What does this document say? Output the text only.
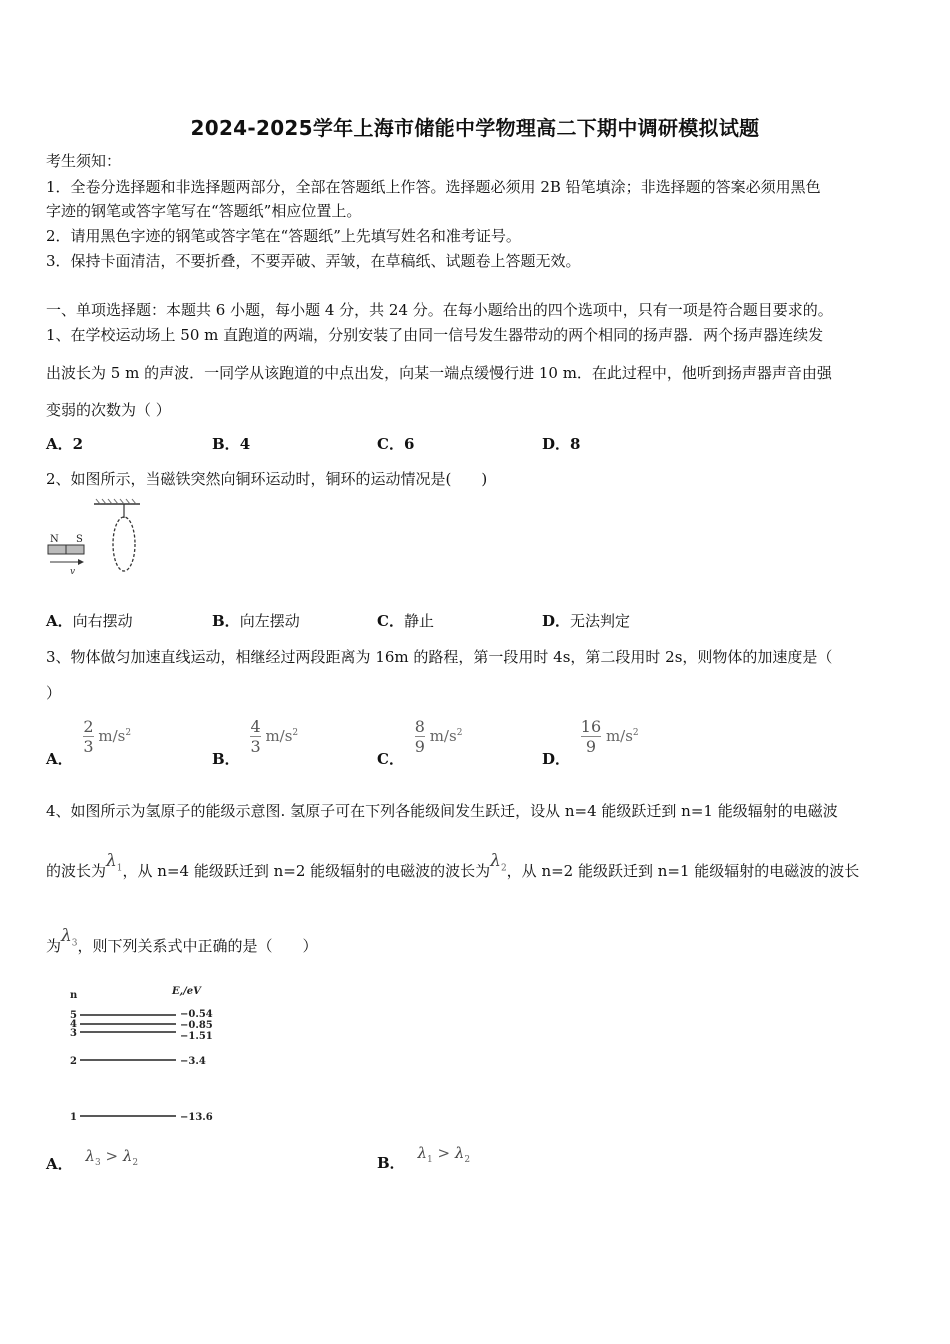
2024-2025学年上海市储能中学物理高二下期中调研模拟试题
考生须知：
1．全卷分选择题和非选择题两部分，全部在答题纸上作答。选择题必须用 2B 铅笔填涂；非选择题的答案必须用黑色
字迹的钢笔或答字笔写在“答题纸”相应位置上。
2．请用黑色字迹的钢笔或答字笔在“答题纸”上先填写姓名和准考证号。
3．保持卡面清洁，不要折叠，不要弄破、弄皱，在草稿纸、试题卷上答题无效。
一、单项选择题：本题共 6 小题，每小题 4 分，共 24 分。在每小题给出的四个选项中，只有一项是符合题目要求的。
1、在学校运动场上 50 m 直跑道的两端，分别安装了由同一信号发生器带动的两个相同的扬声器．两个扬声器连续发
出波长为 5 m 的声波．一同学从该跑道的中点出发，向某一端点缓慢行进 10 m．在此过程中，他听到扬声器声音由强
变弱的次数为（ ）
A．2	B．4	C．6	D．8
2、如图所示，当磁铁突然向铜环运动时，铜环的运动情况是(　　)
N S
v
A．向右摆动	B．向左摆动	C．静止	D．无法判定
3、物体做匀加速直线运动，相继经过两段距离为 16m 的路程，第一段用时 4s，第二段用时 2s，则物体的加速度是（
）
A．
$\frac{2}{3} m/s^2$
B．
$\frac{4}{3} m/s^2$
C．
$\frac{8}{9} m/s^2$
D．
$\frac{16}{9} m/s^2$
4、如图所示为氢原子的能级示意图. 氢原子可在下列各能级间发生跃迁，设从 n=4 能级跃迁到 n=1 能级辐射的电磁波
的波长为$\lambda_1$，从 n=4 能级跃迁到 n=2 能级辐射的电磁波的波长为$\lambda_2$，从 n=2 能级跃迁到 n=1 能级辐射的电磁波的波长
为$\lambda_3$，则下列关系式中正确的是（　　）
n	E,/eV
5
4
3
2
1
−0.54
−0.85
−1.51
−3.4
−13.6
A． $\lambda_3 > \lambda_2$	B． $\lambda_1 > \lambda_2$
